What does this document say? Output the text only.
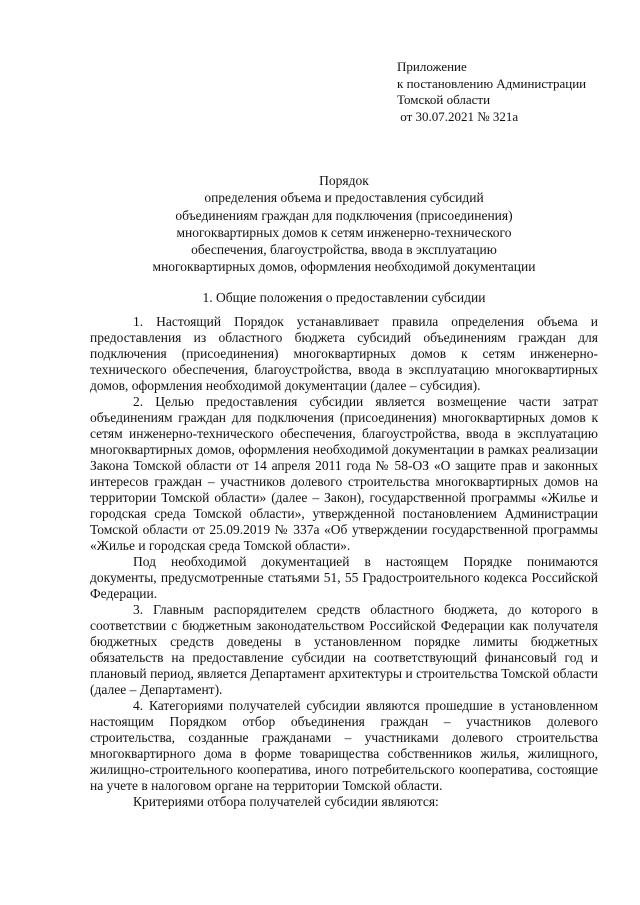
Приложение
к постановлению Администрации
Томской области
от 30.07.2021 № 321а
Порядок
определения объема и предоставления субсидий
объединениям граждан для подключения (присоединения)
многоквартирных домов к сетям инженерно-технического
обеспечения, благоустройства, ввода в эксплуатацию
многоквартирных домов, оформления необходимой документации
1. Общие положения о предоставлении субсидии

1. Настоящий Порядок устанавливает правила определения объема и предоставления из областного бюджета субсидий объединениям граждан для подключения (присоединения) многоквартирных домов к сетям инженерно-технического обеспечения, благоустройства, ввода в эксплуатацию многоквартирных домов, оформления необходимой документации (далее – субсидия).

2. Целью предоставления субсидии является возмещение части затрат объединениям граждан для подключения (присоединения) многоквартирных домов к сетям инженерно-технического обеспечения, благоустройства, ввода в эксплуатацию многоквартирных домов, оформления необходимой документации в рамках реализации Закона Томской области от 14 апреля 2011 года № 58-ОЗ «О защите прав и законных интересов граждан – участников долевого строительства многоквартирных домов на территории Томской области» (далее – Закон), государственной программы «Жилье и городская среда Томской области», утвержденной постановлением Администрации Томской области от 25.09.2019 № 337а «Об утверждении государственной программы «Жилье и городская среда Томской области».

Под необходимой документацией в настоящем Порядке понимаются документы, предусмотренные статьями 51, 55 Градостроительного кодекса Российской Федерации.

3. Главным распорядителем средств областного бюджета, до которого в соответствии с бюджетным законодательством Российской Федерации как получателя бюджетных средств доведены в установленном порядке лимиты бюджетных обязательств на предоставление субсидии на соответствующий финансовый год и плановый период, является Департамент архитектуры и строительства Томской области (далее – Департамент).

4. Категориями получателей субсидии являются прошедшие в установленном настоящим Порядком отбор объединения граждан – участников долевого строительства, созданные гражданами – участниками долевого строительства многоквартирного дома в форме товарищества собственников жилья, жилищного, жилищно-строительного кооператива, иного потребительского кооператива, состоящие на учете в налоговом органе на территории Томской области.

Критериями отбора получателей субсидии являются:
